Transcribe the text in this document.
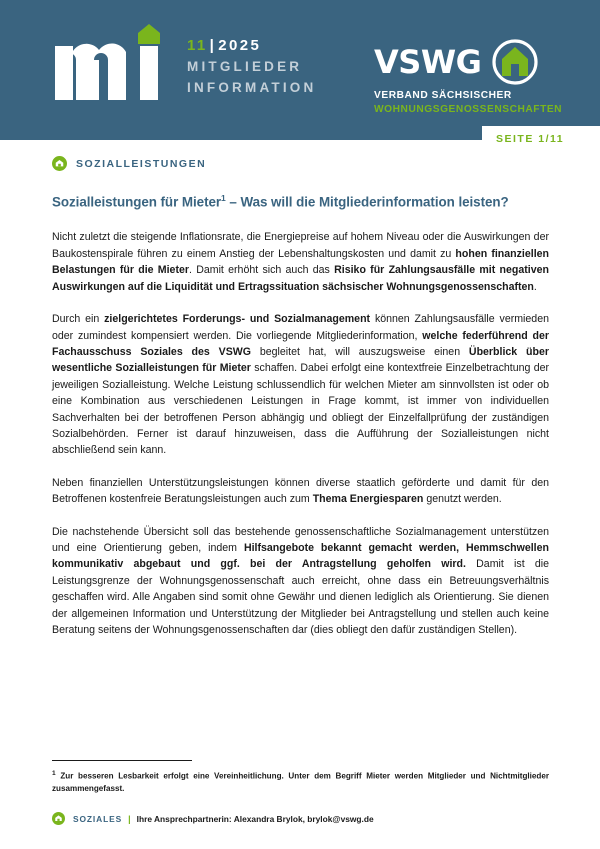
11 | 2025
MITGLIEDER
INFORMATION
VSWG
VERBAND SÄCHSISCHER
WOHNUNGSGENOSSENSCHAFTEN
SEITE 1/11
SOZIALLEISTUNGEN
Sozialleistungen für Mieter$^1$ – Was will die Mitgliederinformation leisten?

Nicht zuletzt die steigende Inflationsrate, die Energiepreise auf hohem Niveau oder die Auswirkungen der Baukostenspirale führen zu einem Anstieg der Lebenshaltungskosten und damit zu hohen finanziellen Belastungen für die Mieter. Damit erhöht sich auch das Risiko für Zahlungsausfälle mit negativen Auswirkungen auf die Liquidität und Ertragssituation sächsischer Wohnungsgenossenschaften.

Durch ein zielgerichtetes Forderungs- und Sozialmanagement können Zahlungsausfälle vermieden oder zumindest kompensiert werden. Die vorliegende Mitgliederinformation, welche federführend der Fachausschuss Soziales des VSWG begleitet hat, will auszugsweise einen Überblick über wesentliche Sozialleistungen für Mieter schaffen. Dabei erfolgt eine kontextfreie Einzelbetrachtung der jeweiligen Sozialleistung. Welche Leistung schlussendlich für welchen Mieter am sinnvollsten ist oder ob eine Kombination aus verschiedenen Leistungen in Frage kommt, ist immer von individuellen Sachverhalten bei der betroffenen Person abhängig und obliegt der Einzelfallprüfung der zuständigen Sozialbehörden. Ferner ist darauf hinzuweisen, dass die Aufführung der Sozialleistungen nicht abschließend sein kann.

Neben finanziellen Unterstützungsleistungen können diverse staatlich geförderte und damit für den Betroffenen kostenfreie Beratungsleistungen auch zum Thema Energiesparen genutzt werden.

Die nachstehende Übersicht soll das bestehende genossenschaftliche Sozialmanagement unterstützen und eine Orientierung geben, indem Hilfsangebote bekannt gemacht werden, Hemmschwellen kommunikativ abgebaut und ggf. bei der Antragstellung geholfen wird. Damit ist die Leistungsgrenze der Wohnungsgenossenschaft auch erreicht, ohne dass ein Betreuungsverhältnis geschaffen wird. Alle Angaben sind somit ohne Gewähr und dienen lediglich als Orientierung. Sie dienen der allgemeinen Information und Unterstützung der Mitglieder bei Antragstellung und stellen auch keine Beratung seitens der Wohnungsgenossenschaften dar (dies obliegt den dafür zuständigen Stellen).

$^1$ Zur besseren Lesbarkeit erfolgt eine Vereinheitlichung. Unter dem Begriff Mieter werden Mitglieder und Nichtmitglieder zusammengefasst.
SOZIALES | Ihre Ansprechpartnerin: Alexandra Brylok, brylok@vswg.de
